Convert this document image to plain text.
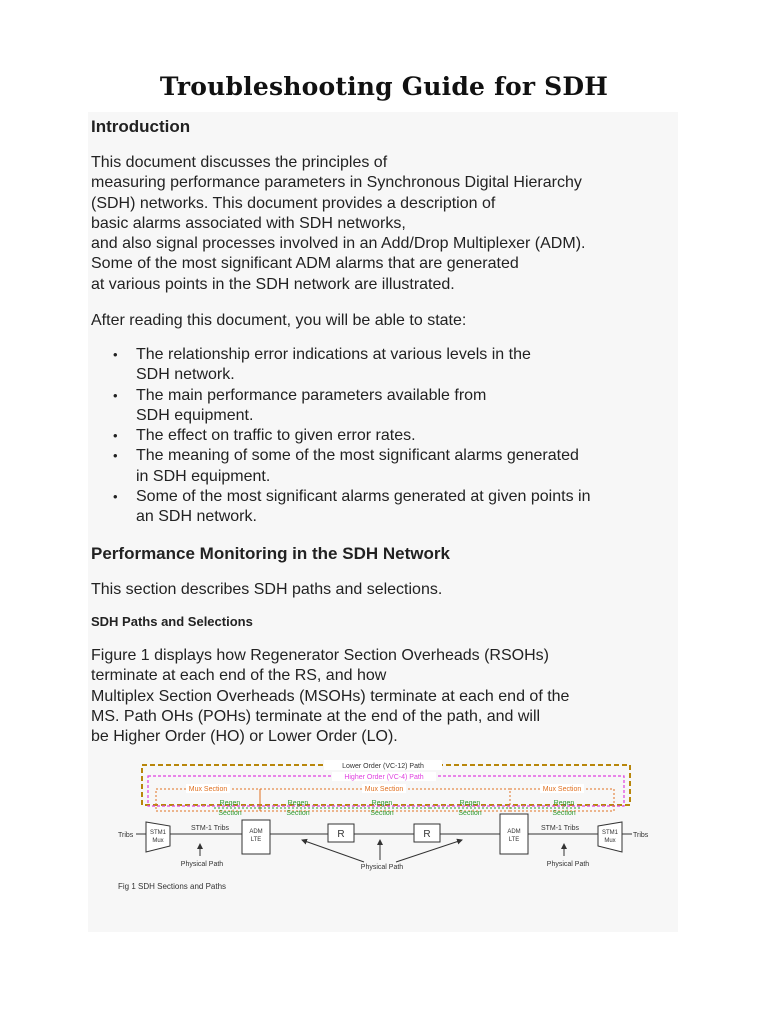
Troubleshooting Guide for SDH
Introduction
This document discusses the principles of
measuring performance parameters in Synchronous Digital Hierarchy
(SDH) networks. This document provides a description of
basic alarms associated with SDH networks,
and also signal processes involved in an Add/Drop Multiplexer (ADM).
Some of the most significant ADM alarms that are generated
at various points in the SDH network are illustrated.
After reading this document, you will be able to state:
• The relationship error indications at various levels in the
SDH network.
• The main performance parameters available from
SDH equipment.
• The effect on traffic to given error rates.
• The meaning of some of the most significant alarms generated
in SDH equipment.
• Some of the most significant alarms generated at given points in
an SDH network.
Performance Monitoring in the SDH Network
This section describes SDH paths and selections.
SDH Paths and Selections
Figure 1 displays how Regenerator Section Overheads (RSOHs)
terminate at each end of the RS, and how
Multiplex Section Overheads (MSOHs) terminate at each end of the
MS. Path OHs (POHs) terminate at the end of the path, and will
be Higher Order (HO) or Lower Order (LO).
Lower Order (VC-12) Path
Higher Order (VC-4) Path
Mux Section	Mux Section	Mux Section
Regen
Section
Regen
Section
Regen
Section
Regen
Section
Regen
Section
Tribs	STM1
Mux
STM-1 Tribs	ADM
LTE	R	R	ADM
LTE
STM-1 Tribs
STM1
Mux
Tribs
Physical Path	Physical Path	Physical Path
Fig 1 SDH Sections and Paths
